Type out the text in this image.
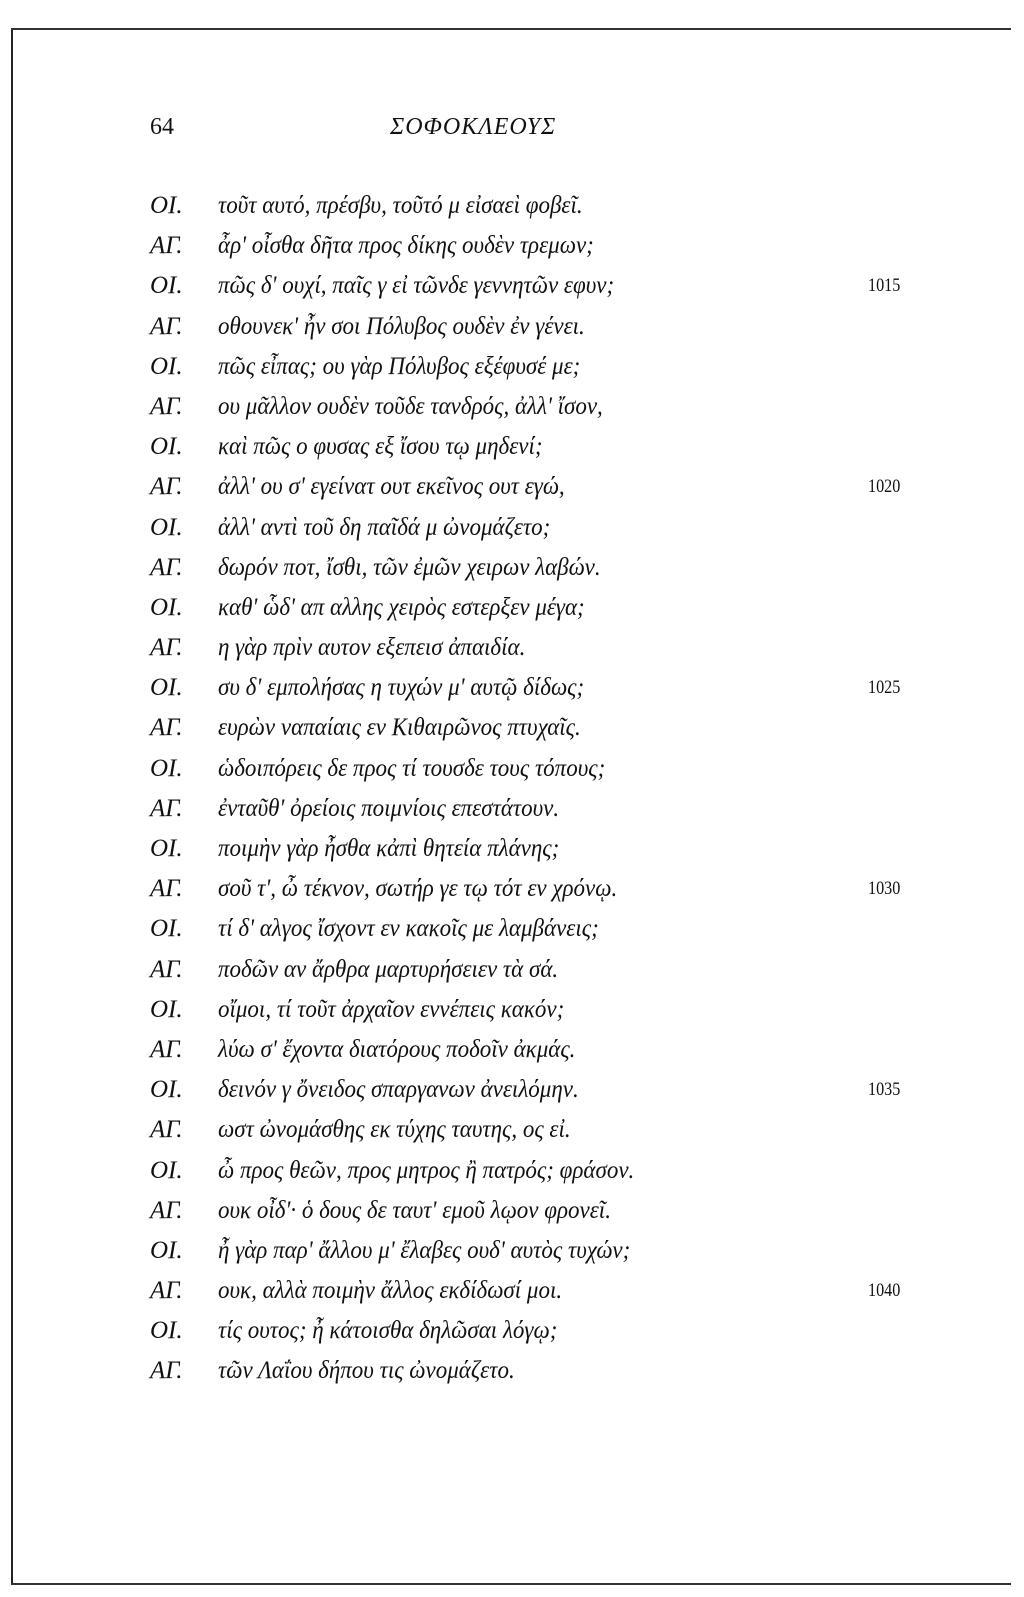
64	ΣΟΦΟΚΛΕΟΥΣ
ΟΙ. τοῦτ αυτό, πρέσβυ, τοῦτό μ εἰσαεὶ φοβεῖ.
ΑΓ. ἆρ' οἶσθα δῆτα προς δίκης ουδὲν τρεμων;
ΟΙ. πῶς δ' ουχί, παῖς γ εἰ τῶνδε γεννητῶν εφυν;	1015
ΑΓ. οθουνεκ' ἦν σοι Πόλυβος ουδὲν ἐν γένει.
ΟΙ. πῶς εἶπας; ου γὰρ Πόλυβος εξέφυσέ με;
ΑΓ. ου μᾶλλον ουδὲν τοῦδε τανδρός, ἀλλ' ἴσον,
ΟΙ. καὶ πῶς ο φυσας εξ ἴσου τῳ μηδενί;
ΑΓ. ἀλλ' ου σ' εγείνατ ουτ εκεῖνος ουτ εγώ,	1020
ΟΙ. ἀλλ' αντὶ τοῦ δη παῖδά μ ὠνομάζετο;
ΑΓ. δωρόν ποτ, ἴσθι, τῶν ἐμῶν χειρων λαβών.
ΟΙ. καθ' ὧδ' απ αλλης χειρὸς εστερξεν μέγα;
ΑΓ. η γὰρ πρὶν αυτον εξεπεισ ἀπαιδία.
ΟΙ. συ δ' εμπολήσας η τυχών μ' αυτῷ δίδως;	1025
ΑΓ. ευρὼν ναπαίαις εν Κιθαιρῶνος πτυχαῖς.
ΟΙ. ὡδοιπόρεις δε προς τί τουσδε τους τόπους;
ΑΓ. ἐνταῦθ' ὀρείοις ποιμνίοις επεστάτουν.
ΟΙ. ποιμὴν γὰρ ἦσθα κἀπὶ θητεία πλάνης;
ΑΓ. σοῦ τ', ὦ τέκνον, σωτήρ γε τῳ τότ εν χρόνῳ.	1030
ΟΙ. τί δ' αλγος ἴσχοντ εν κακοῖς με λαμβάνεις;
ΑΓ. ποδῶν αν ἄρθρα μαρτυρήσειεν τὰ σά.
ΟΙ. οἴμοι, τί τοῦτ ἀρχαῖον εννέπεις κακόν;
ΑΓ. λύω σ' ἔχοντα διατόρους ποδοῖν ἀκμάς.
ΟΙ. δεινόν γ ὄνειδος σπαργανων ἀνειλόμην.	1035
ΑΓ. ωστ ὠνομάσθης εκ τύχης ταυτης, ος εἰ.
ΟΙ. ὦ προς θεῶν, προς μητρος ἢ πατρός; φράσον.
ΑΓ. ουκ οἶδ'· ὁ δους δε ταυτ' εμοῦ λῳον φρονεῖ.
ΟΙ. ἦ γὰρ παρ' ἄλλου μ' ἔλαβες ουδ' αυτὸς τυχών;
ΑΓ. ουκ, αλλὰ ποιμὴν ἄλλος εκδίδωσί μοι.	1040
ΟΙ. τίς ουτος; ἦ κάτοισθα δηλῶσαι λόγῳ;
ΑΓ. τῶν Λαΐου δήπου τις ὠνομάζετο.
